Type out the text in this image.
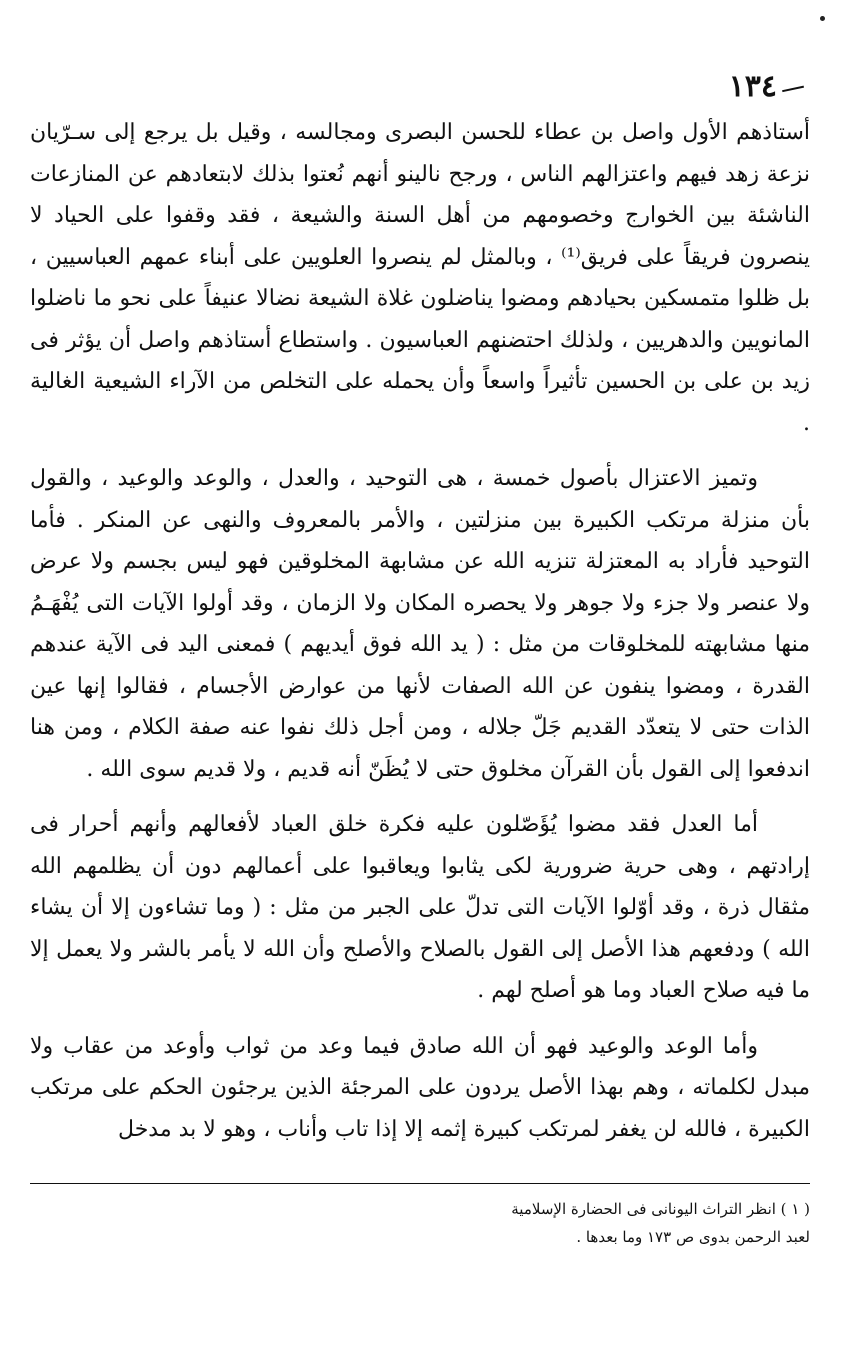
١٣٤

أستاذهم الأول واصل بن عطاء للحسن البصرى ومجالسه ، وقيل بل يرجع إلى سـرّيان نزعة زهد فيهم واعتزالهم الناس ، ورجح نالينو أنهم نُعتوا بذلك لابتعادهم عن المنازعات الناشئة بين الخوارج وخصومهم من أهل السنة والشيعة ، فقد وقفوا على الحياد لا ينصرون فريقاً على فريق⁽¹⁾ ، وبالمثل لم ينصروا العلويين على أبناء عمهم العباسيين ، بل ظلوا متمسكين بحيادهم ومضوا يناضلون غلاة الشيعة نضالا عنيفاً على نحو ما ناضلوا المانويين والدهريين ، ولذلك احتضنهم العباسيون . واستطاع أستاذهم واصل أن يؤثر فى زيد بن على بن الحسين تأثيراً واسعاً وأن يحمله على التخلص من الآراء الشيعية الغالية .

وتميز الاعتزال بأصول خمسة ، هى التوحيد ، والعدل ، والوعد والوعيد ، والقول بأن منزلة مرتكب الكبيرة بين منزلتين ، والأمر بالمعروف والنهى عن المنكر . فأما التوحيد فأراد به المعتزلة تنزيه الله عن مشابهة المخلوقين فهو ليس بجسم ولا عرض ولا عنصر ولا جزء ولا جوهر ولا يحصره المكان ولا الزمان ، وقد أولوا الآيات التى يُفْهَـمُ منها مشابهته للمخلوقات من مثل : ( يد الله فوق أيديهم ) فمعنى اليد فى الآية عندهم القدرة ، ومضوا ينفون عن الله الصفات لأنها من عوارض الأجسام ، فقالوا إنها عين الذات حتى لا يتعدّد القديم جَلّ جلاله ، ومن أجل ذلك نفوا عنه صفة الكلام ، ومن هنا اندفعوا إلى القول بأن القرآن مخلوق حتى لا يُظَنّ أنه قديم ، ولا قديم سوى الله .

أما العدل فقد مضوا يُؤَصّلون عليه فكرة خلق العباد لأفعالهم وأنهم أحرار فى إرادتهم ، وهى حرية ضرورية لكى يثابوا ويعاقبوا على أعمالهم دون أن يظلمهم الله مثقال ذرة ، وقد أوّلوا الآيات التى تدلّ على الجبر من مثل : ( وما تشاءون إلا أن يشاء الله ) ودفعهم هذا الأصل إلى القول بالصلاح والأصلح وأن الله لا يأمر بالشر ولا يعمل إلا ما فيه صلاح العباد وما هو أصلح لهم .

وأما الوعد والوعيد فهو أن الله صادق فيما وعد من ثواب وأوعد من عقاب ولا مبدل لكلماته ، وهم بهذا الأصل يردون على المرجئة الذين يرجئون الحكم على مرتكب الكبيرة ، فالله لن يغفر لمرتكب كبيرة إثمه إلا إذا تاب وأناب ، وهو لا بد مدخل

( ١ ) انظر التراث اليونانى فى الحضارة الإسلامية

لعبد الرحمن بدوى ص ١٧٣ وما بعدها .
